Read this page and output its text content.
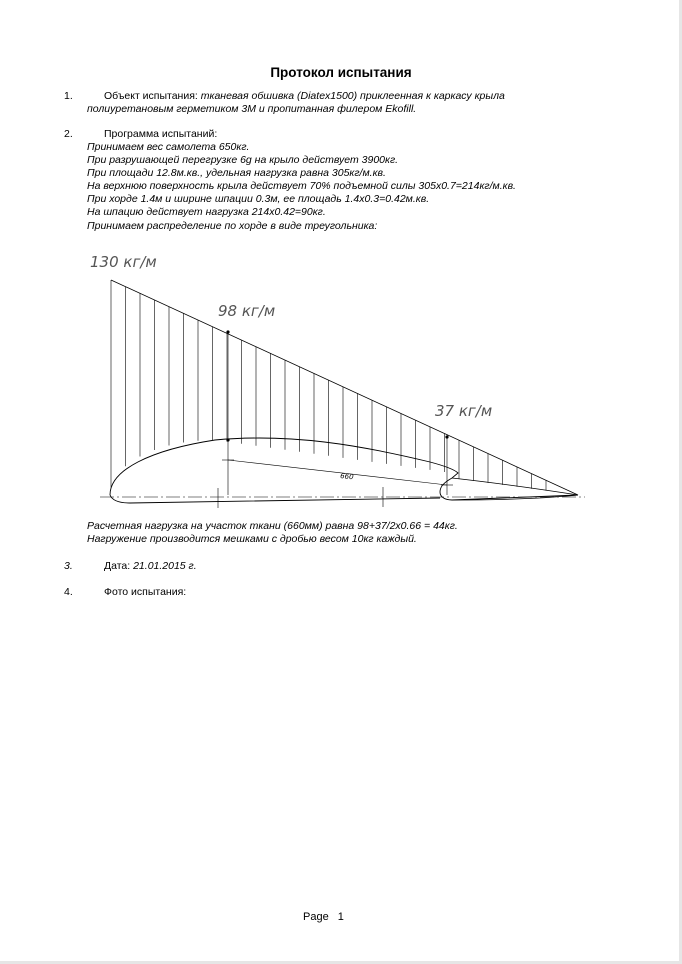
Протокол испытания
1.	Объект испытания: тканевая обшивка (Diatex1500) приклеенная к каркасу крыла
полиуретановым герметиком 3М и пропитанная филером Ekofill.
2.	Программа испытаний:
Принимаем вес самолета 650кг.
При разрушающей перегрузке 6g на крыло действует 3900кг.
При площади 12.8м.кв., удельная нагрузка равна 305кг/м.кв.
На верхнюю поверхность крыла действует 70% подъемной силы 305x0.7=214кг/м.кв.
При хорде 1.4м и ширине шпации 0.3м, ее площадь 1.4x0.3=0.42м.кв.
На шпацию действует нагрузка 214x0.42=90кг.
Принимаем распределение по хорде в виде треугольника:
130 кг/м
98 кг/м
37 кг/м
660
Расчетная нагрузка на участок ткани (660мм) равна 98+37/2x0.66 = 44кг.
Нагружение производится мешками с дробью весом 10кг каждый.
3.	Дата: 21.01.2015 г.
4.	Фото испытания:
Page 1
